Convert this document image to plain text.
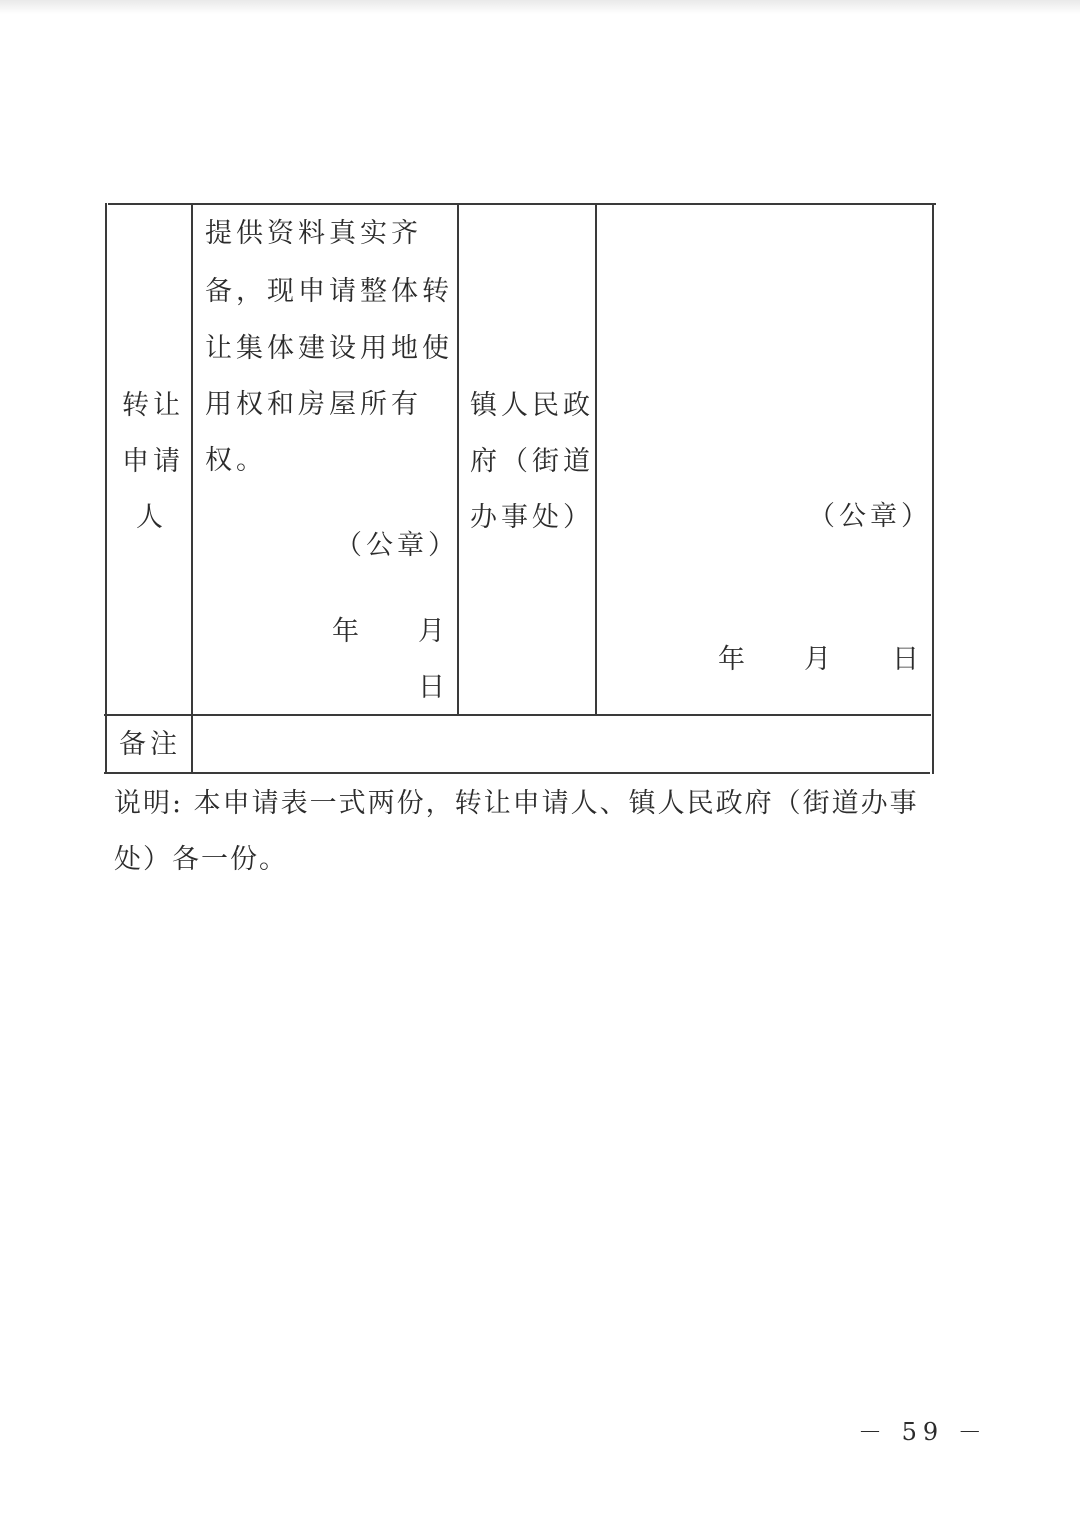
转让
申请
人
提供资料真实齐
备，现申请整体转
让集体建设用地使
用权和房屋所有
权。
（公章）
年 月
日
镇人民政
府（街道
办事处）	（公章）
年 月 日
备注
说明: 本申请表一式两份，转让申请人、镇人民政府（街道办事
处）各一份。
－ 59 －
